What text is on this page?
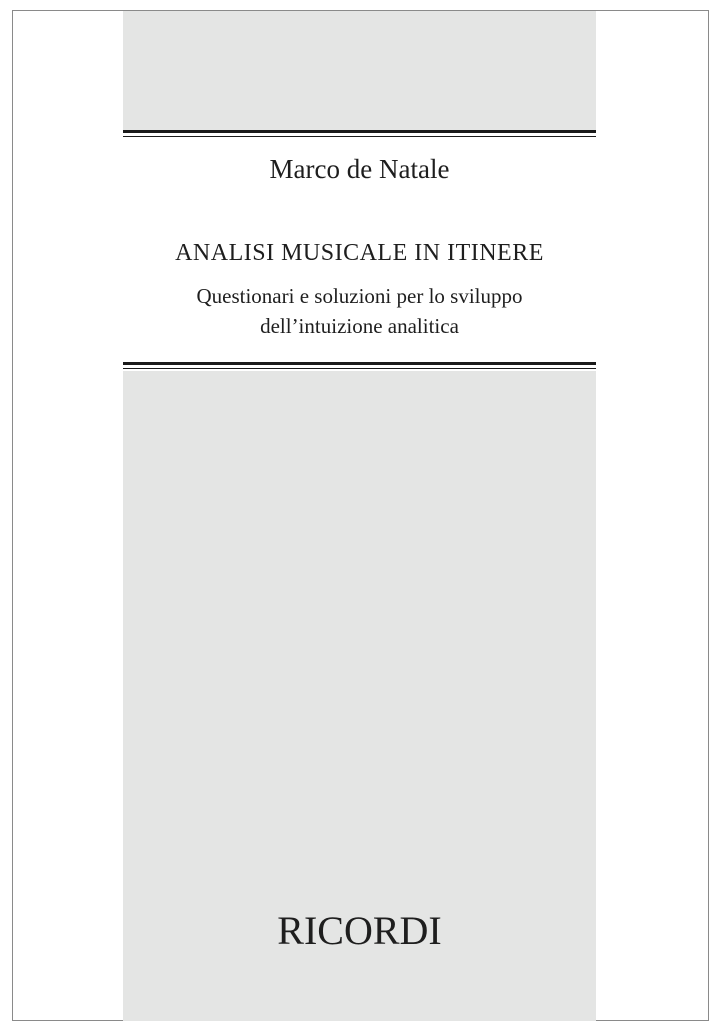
Marco de Natale
ANALISI MUSICALE IN ITINERE
Questionari e soluzioni per lo sviluppo
dell’intuizione analitica
RICORDI
